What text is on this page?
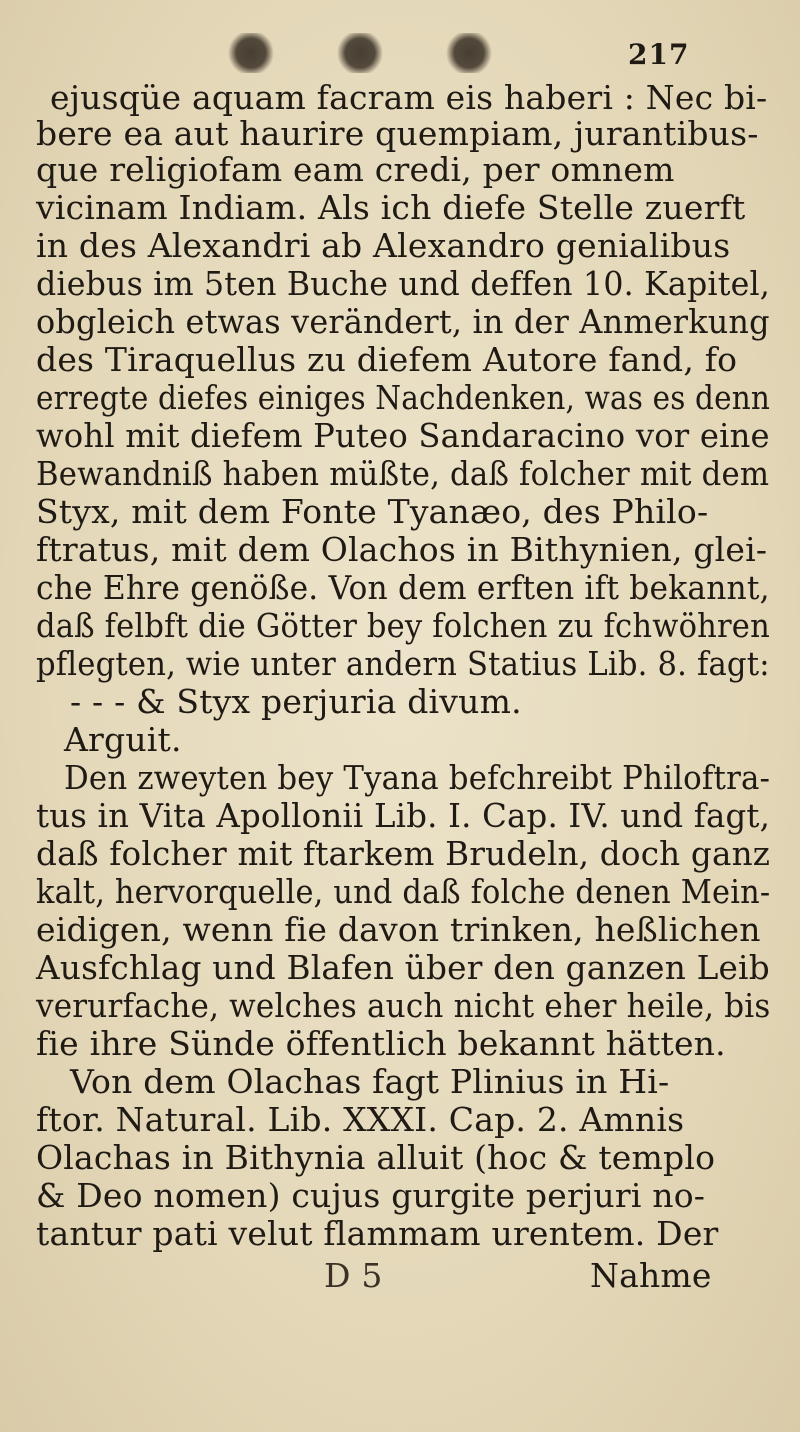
217
ejusqüe aquam facram eis haberi : Nec bi-
bere ea aut haurire quempiam, jurantibus-
que religiofam eam credi, per omnem
vicinam Indiam. Als ich diefe Stelle zuerft
in des Alexandri ab Alexandro genialibus
diebus im 5ten Buche und deffen 10. Kapitel,
obgleich etwas verändert, in der Anmerkung
des Tiraquellus zu diefem Autore fand, fo
erregte diefes einiges Nachdenken, was es denn
wohl mit diefem Puteo Sandaracino vor eine
Bewandniß haben müßte, daß folcher mit dem
Styx, mit dem Fonte Tyanæo, des Philo-
ftratus, mit dem Olachos in Bithynien, glei-
che Ehre genöße. Von dem erften ift bekannt,
daß felbft die Götter bey folchen zu fchwöhren
pflegten, wie unter andern Statius Lib. 8. fagt:
- - - & Styx perjuria divum.
Arguit.
Den zweyten bey Tyana befchreibt Philoftra-
tus in Vita Apollonii Lib. I. Cap. IV. und fagt,
daß folcher mit ftarkem Brudeln, doch ganz
kalt, hervorquelle, und daß folche denen Mein-
eidigen, wenn fie davon trinken, heßlichen
Ausfchlag und Blafen über den ganzen Leib
verurfache, welches auch nicht eher heile, bis
fie ihre Sünde öffentlich bekannt hätten.
Von dem Olachas fagt Plinius in Hi-
ftor. Natural. Lib. XXXI. Cap. 2. Amnis
Olachas in Bithynia alluit (hoc & templo
& Deo nomen) cujus gurgite perjuri no-
tantur pati velut flammam urentem. Der
D 5	Nahme
